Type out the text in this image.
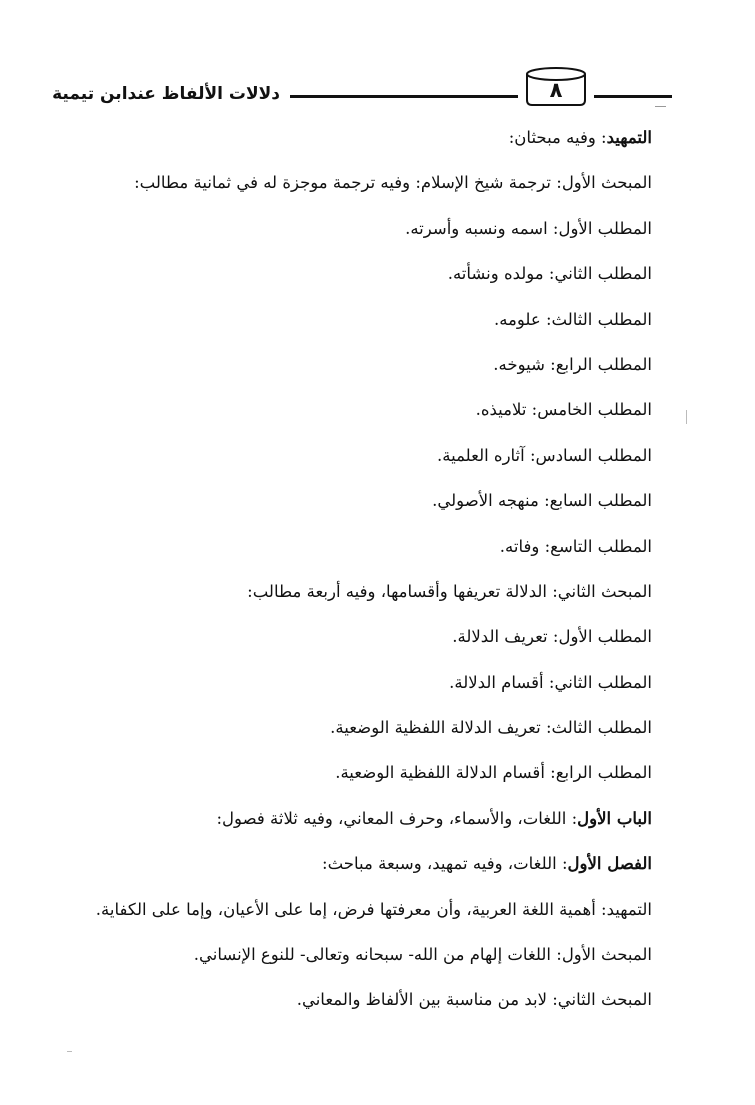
دلالات الألفاظ عندابن تيمية	٨
التمهيد: وفيه مبحثان:
المبحث الأول: ترجمة شيخ الإسلام: وفيه ترجمة موجزة له في ثمانية مطالب:
المطلب الأول: اسمه ونسبه وأسرته.
المطلب الثاني: مولده ونشأته.
المطلب الثالث: علومه.
المطلب الرابع: شيوخه.
المطلب الخامس: تلاميذه.
المطلب السادس: آثاره العلمية.
المطلب السابع: منهجه الأصولي.
المطلب التاسع: وفاته.
المبحث الثاني: الدلالة تعريفها وأقسامها، وفيه أربعة مطالب:
المطلب الأول: تعريف الدلالة.
المطلب الثاني: أقسام الدلالة.
المطلب الثالث: تعريف الدلالة اللفظية الوضعية.
المطلب الرابع: أقسام الدلالة اللفظية الوضعية.
الباب الأول: اللغات، والأسماء، وحرف المعاني، وفيه ثلاثة فصول:
الفصل الأول: اللغات، وفيه تمهيد، وسبعة مباحث:
التمهيد: أهمية اللغة العربية، وأن معرفتها فرض، إما على الأعيان، وإما على الكفاية.
المبحث الأول: اللغات إلهام من الله- سبحانه وتعالى- للنوع الإنساني.
المبحث الثاني: لابد من مناسبة بين الألفاظ والمعاني.
